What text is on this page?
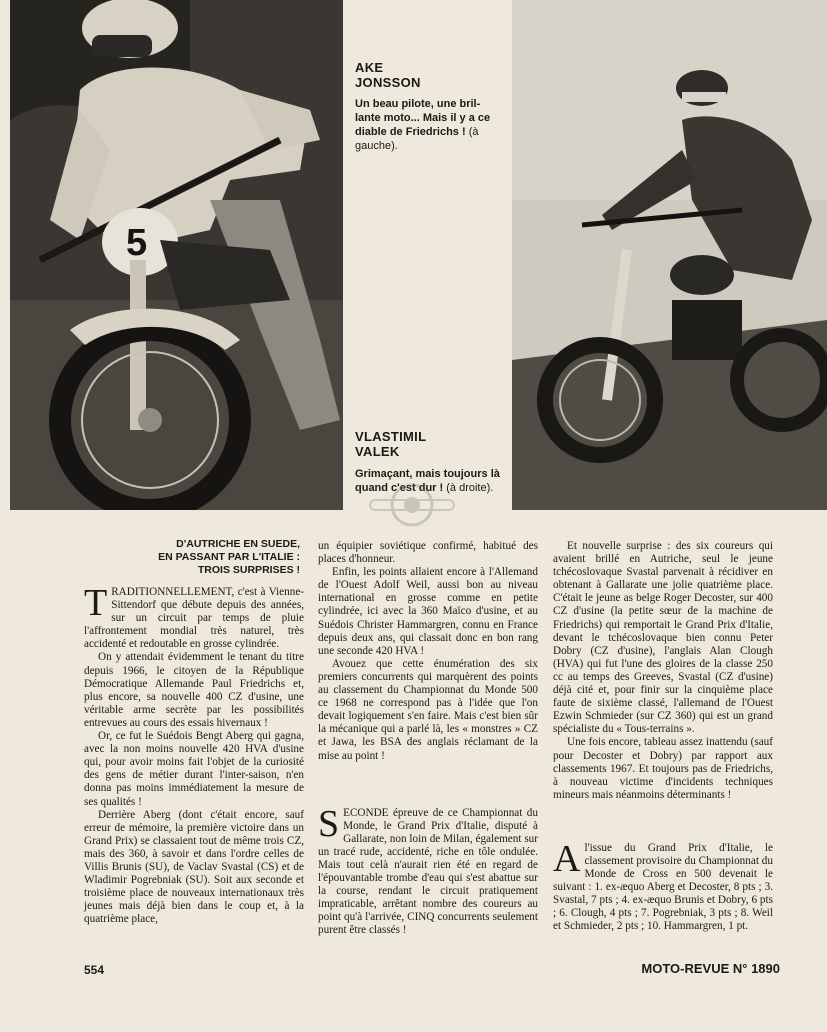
5
AKE
JONSSON
Un beau pilote, une bril-lante moto... Mais il y a ce diable de Friedrichs ! (à gauche).
VLASTIMIL
VALEK
Grimaçant, mais toujours là quand c'est dur ! (à droite).
D'AUTRICHE EN SUEDE,
EN PASSANT PAR L'ITALIE :
TROIS SURPRISES !

TRADITIONNELLEMENT, c'est à Vienne-Sittendorf que débute depuis des années, sur un circuit par temps de pluie l'affrontement mondial très naturel, très accidenté et redoutable en grosse cylindrée.

On y attendait évidemment le tenant du titre depuis 1966, le citoyen de la République Démocratique Allemande Paul Friedrichs et, plus encore, sa nouvelle 400 CZ d'usine, une véritable arme secrète par les possibilités entrevues au cours des essais hivernaux !

Or, ce fut le Suédois Bengt Aberg qui gagna, avec la non moins nouvelle 420 HVA d'usine qui, pour avoir moins fait l'objet de la curiosité des gens de métier durant l'inter-saison, n'en donna pas moins immédiatement la mesure de ses qualités !

Derrière Aberg (dont c'était encore, sauf erreur de mémoire, la première victoire dans un Grand Prix) se classaient tout de même trois CZ, mais des 360, à savoir et dans l'ordre celles de Villis Brunis (SU), de Vaclav Svastal (CS) et de Wladimir Pogrebniak (SU). Soit aux seconde et troisième place de nouveaux internationaux très jeunes mais déjà bien dans le coup et, à la quatrième place,

un équipier soviétique confirmé, habitué des places d'honneur.

Enfin, les points allaient encore à l'Allemand de l'Ouest Adolf Weil, aussi bon au niveau international en grosse comme en petite cylindrée, ici avec la 360 Maïco d'usine, et au Suédois Christer Hammargren, connu en France depuis deux ans, qui classait donc en bon rang une seconde 420 HVA !

Avouez que cette énumération des six premiers concurrents qui marquèrent des points au classement du Championnat du Monde 500 ce 1968 ne correspond pas à l'idée que l'on devait logiquement s'en faire. Mais c'est bien sûr la mécanique qui a parlé là, les « monstres » CZ et Jawa, les BSA des anglais réclamant de la mise au point !

SECONDE épreuve de ce Championnat du Monde, le Grand Prix d'Italie, disputé à Gallarate, non loin de Milan, également sur un tracé rude, accidenté, riche en tôle ondulée. Mais tout celà n'aurait rien été en regard de l'épouvantable trombe d'eau qui s'est abattue sur la course, rendant le circuit pratiquement impraticable, arrêtant nombre des coureurs au point qu'à l'arrivée, CINQ concurrents seulement purent être classés !

Et nouvelle surprise : des six coureurs qui avaient brillé en Autriche, seul le jeune tchécoslovaque Svastal parvenait à récidiver en obtenant à Gallarate une jolie quatrième place. C'était le jeune as belge Roger Decoster, sur 400 CZ d'usine (la petite sœur de la machine de Friedrichs) qui remportait le Grand Prix d'Italie, devant le tchécoslovaque bien connu Peter Dobry (CZ d'usine), l'anglais Alan Clough (HVA) qui fut l'une des gloires de la classe 250 cc au temps des Greeves, Svastal (CZ d'usine) déjà cité et, pour finir sur la cinquième place faute de sixième classé, l'allemand de l'Ouest Ezwin Schmieder (sur CZ 360) qui est un grand spécialiste du « Tous-terrains ».

Une fois encore, tableau assez inattendu (sauf pour Decoster et Dobry) par rapport aux classements 1967. Et toujours pas de Friedrichs, à nouveau victime d'incidents techniques mineurs mais néanmoins déterminants !

A l'issue du Grand Prix d'Italie, le classement provisoire du Championnat du Monde de Cross en 500 devenait le suivant : 1. ex-æquo Aberg et Decoster, 8 pts ; 3. Svastal, 7 pts ; 4. ex-æquo Brunis et Dobry, 6 pts ; 6. Clough, 4 pts ; 7. Pogrebniak, 3 pts ; 8. Weil et Schmieder, 2 pts ; 10. Hammargren, 1 pt.

554	MOTO-REVUE N° 1890
